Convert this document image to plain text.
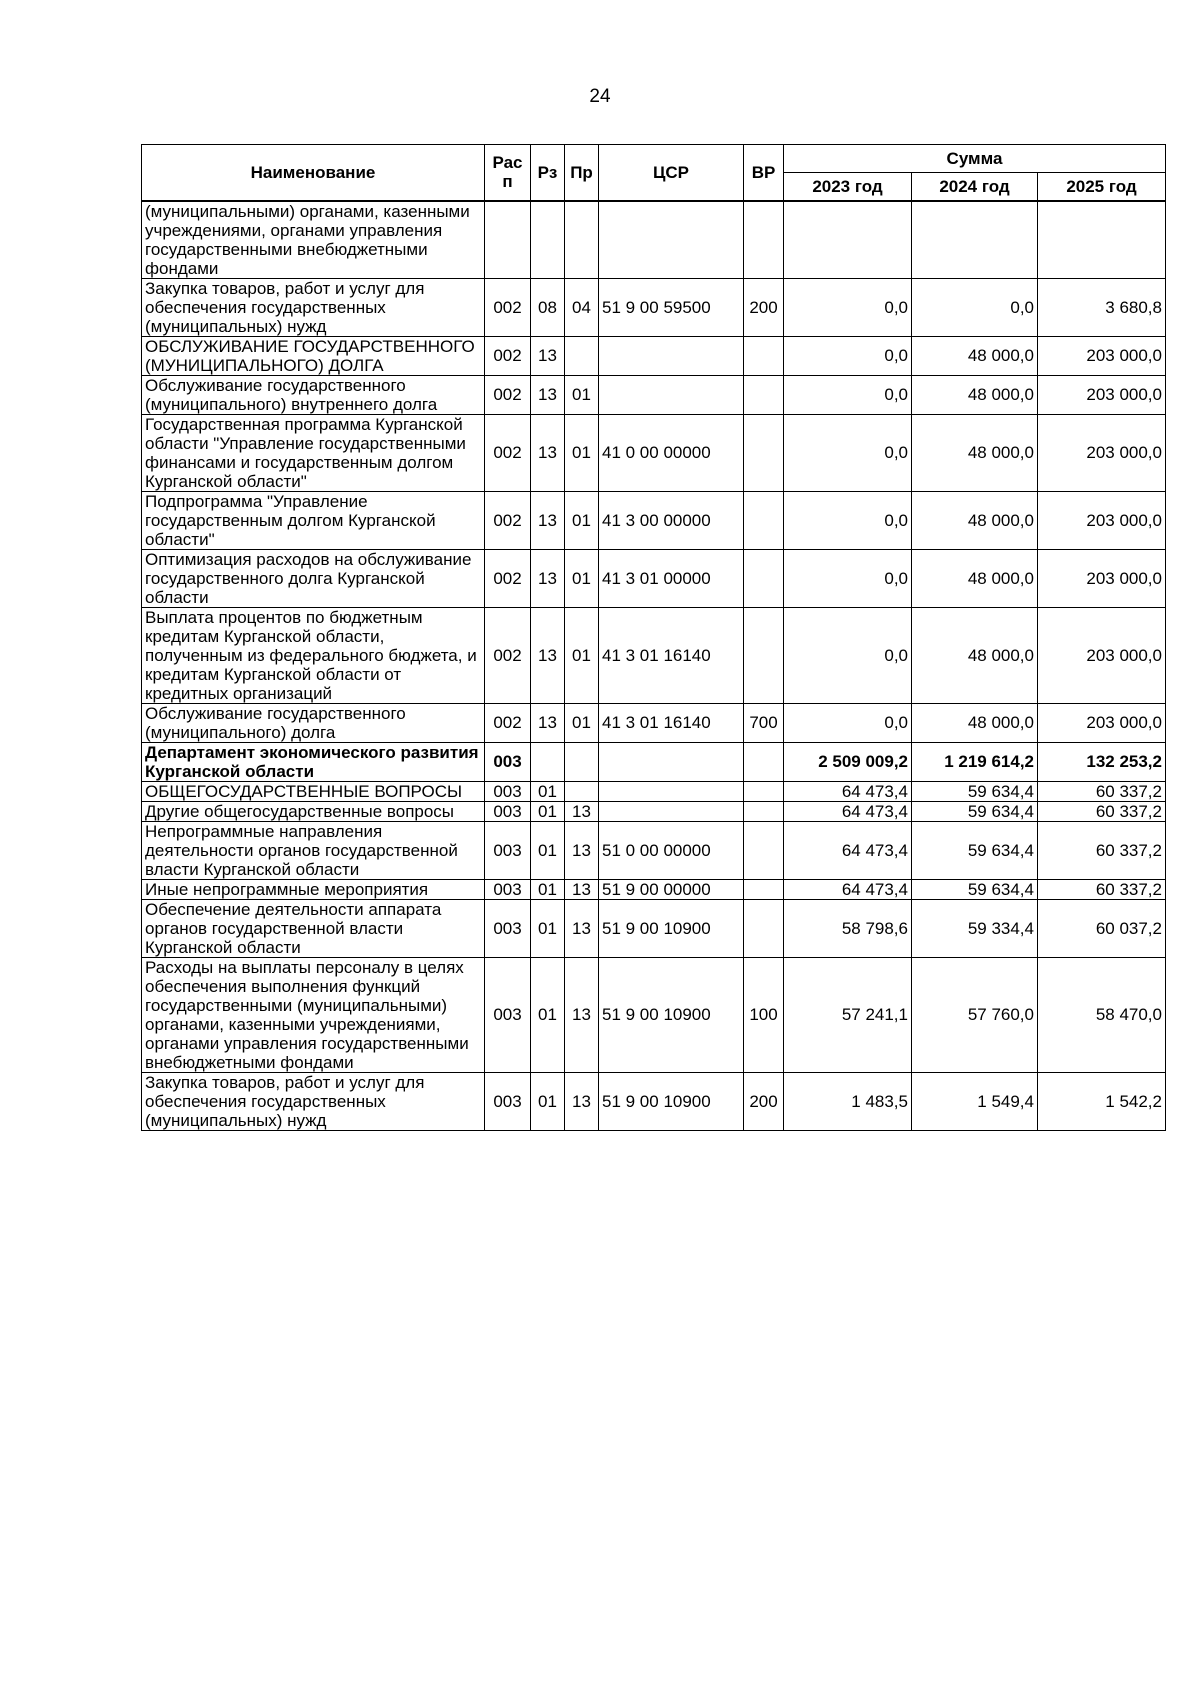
24
Наименование	Рас п	Рз	Пр	ЦСР	ВР	Сумма		
						2023 год	2024 год	2025 год
(муниципальными) органами, казенными учреждениями, органами управления государственными внебюджетными фондами								
Закупка товаров, работ и услуг для обеспечения государственных (муниципальных) нужд	002	08	04	51 9 00 59500	200	0,0	0,0	3 680,8
ОБСЛУЖИВАНИЕ ГОСУДАРСТВЕННОГО (МУНИЦИПАЛЬНОГО) ДОЛГА	002	13				0,0	48 000,0	203 000,0
Обслуживание государственного (муниципального) внутреннего долга	002	13	01			0,0	48 000,0	203 000,0
Государственная программа Курганской области "Управление государственными финансами и государственным долгом Курганской области"	002	13	01	41 0 00 00000		0,0	48 000,0	203 000,0
Подпрограмма "Управление государственным долгом Курганской области"	002	13	01	41 3 00 00000		0,0	48 000,0	203 000,0
Оптимизация расходов на обслуживание государственного долга Курганской области	002	13	01	41 3 01 00000		0,0	48 000,0	203 000,0
Выплата процентов по бюджетным кредитам Курганской области, полученным из федерального бюджета, и кредитам Курганской области от кредитных организаций	002	13	01	41 3 01 16140		0,0	48 000,0	203 000,0
Обслуживание государственного (муниципального) долга	002	13	01	41 3 01 16140	700	0,0	48 000,0	203 000,0
Департамент экономического развития Курганской области	003					2 509 009,2	1 219 614,2	132 253,2
ОБЩЕГОСУДАРСТВЕННЫЕ ВОПРОСЫ	003	01				64 473,4	59 634,4	60 337,2
Другие общегосударственные вопросы	003	01	13			64 473,4	59 634,4	60 337,2
Непрограммные направления деятельности органов государственной власти Курганской области	003	01	13	51 0 00 00000		64 473,4	59 634,4	60 337,2
Иные непрограммные мероприятия	003	01	13	51 9 00 00000		64 473,4	59 634,4	60 337,2
Обеспечение деятельности аппарата органов государственной власти Курганской области	003	01	13	51 9 00 10900		58 798,6	59 334,4	60 037,2
Расходы на выплаты персоналу в целях обеспечения выполнения функций государственными (муниципальными) органами, казенными учреждениями, органами управления государственными внебюджетными фондами	003	01	13	51 9 00 10900	100	57 241,1	57 760,0	58 470,0
Закупка товаров, работ и услуг для обеспечения государственных (муниципальных) нужд	003	01	13	51 9 00 10900	200	1 483,5	1 549,4	1 542,2
